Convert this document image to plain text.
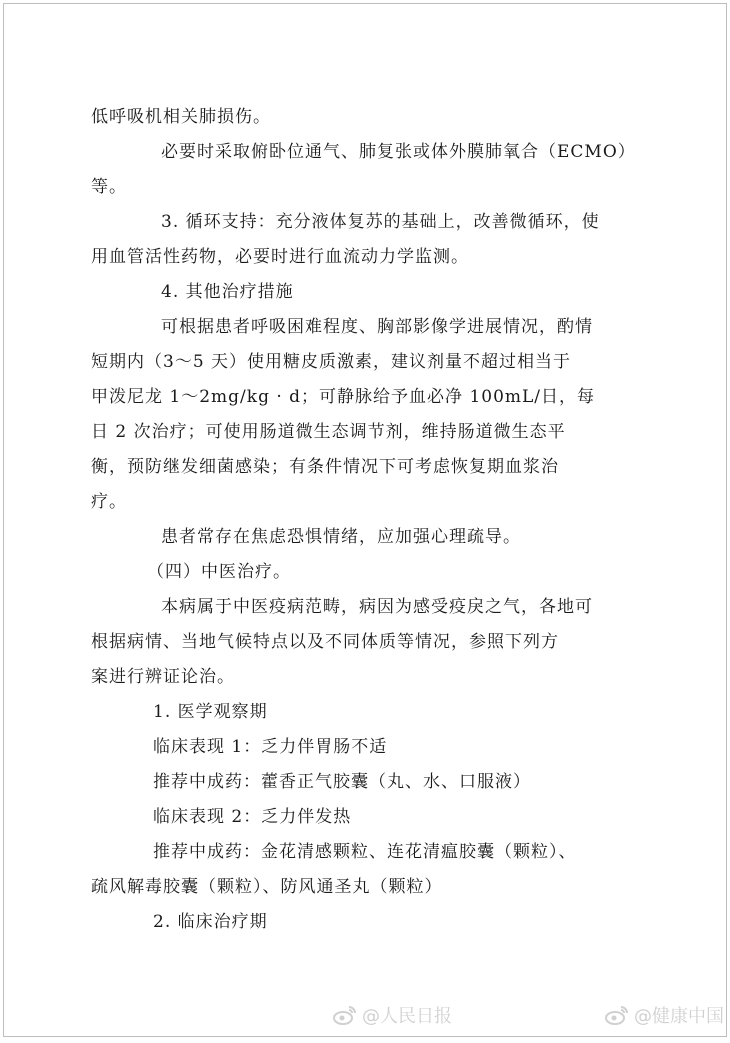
低呼吸机相关肺损伤。
必要时采取俯卧位通气、肺复张或体外膜肺氧合（ECMO）
等。
3. 循环支持：充分液体复苏的基础上，改善微循环，使
用血管活性药物，必要时进行血流动力学监测。
4. 其他治疗措施
可根据患者呼吸困难程度、胸部影像学进展情况，酌情
短期内（3～5 天）使用糖皮质激素，建议剂量不超过相当于
甲泼尼龙 1～2mg/kg · d；可静脉给予血必净 100mL/日，每
日 2 次治疗；可使用肠道微生态调节剂，维持肠道微生态平
衡，预防继发细菌感染；有条件情况下可考虑恢复期血浆治
疗。
患者常存在焦虑恐惧情绪，应加强心理疏导。
（四）中医治疗。
本病属于中医疫病范畴，病因为感受疫戾之气，各地可
根据病情、当地气候特点以及不同体质等情况，参照下列方
案进行辨证论治。
1. 医学观察期
临床表现 1：乏力伴胃肠不适
推荐中成药：藿香正气胶囊（丸、水、口服液）
临床表现 2：乏力伴发热
推荐中成药：金花清感颗粒、连花清瘟胶囊（颗粒）、
疏风解毒胶囊（颗粒）、防风通圣丸（颗粒）
2. 临床治疗期
@人民日报	@健康中国
